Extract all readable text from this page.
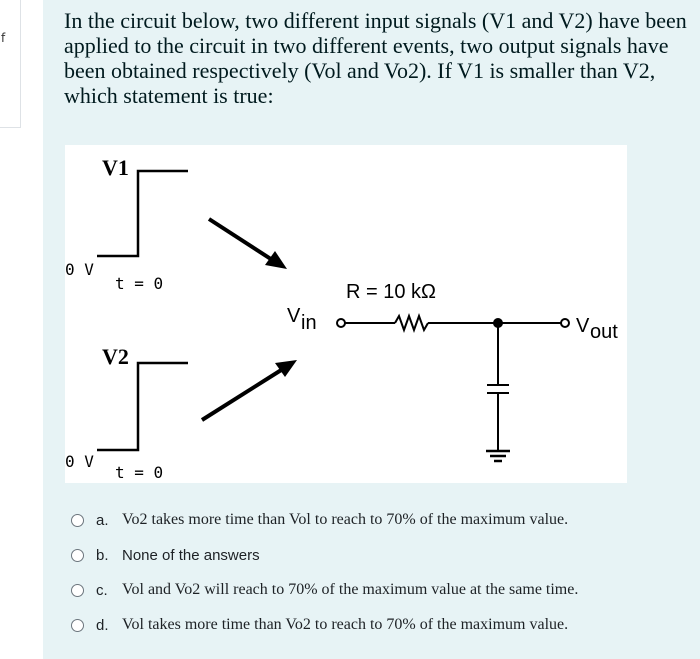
f
In the circuit below, two different input signals (V1 and V2) have been applied to the circuit in two different events, two output signals have been obtained respectively (Vol and Vo2). If V1 is smaller than V2, which statement is true:
V1
0 V
t = 0
V2
0 V
t = 0
R = 10 kΩ
V in	V out
a. Vo2 takes more time than Vol to reach to 70% of the maximum value.
b. None of the answers
c. Vol and Vo2 will reach to 70% of the maximum value at the same time.
d. Vol takes more time than Vo2 to reach to 70% of the maximum value.
